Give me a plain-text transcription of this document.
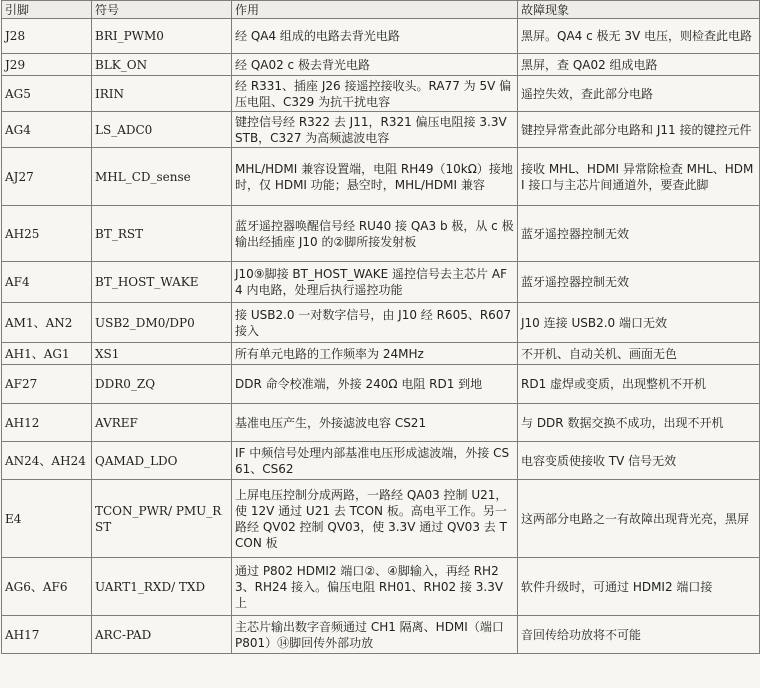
引脚	符号	作用	故障现象
J28	BRI_PWM0	经 QA4 组成的电路去背光电路	黑屏。QA4 c 极无 3V 电压，则检查此电路
J29	BLK_ON	经 QA02 c 极去背光电路	黑屏，查 QA02 组成电路
AG5	IRIN	经 R331、插座 J26 接遥控接收头。RA77 为 5V 偏压电阻、C329 为抗干扰电容	遥控失效，查此部分电路
AG4	LS_ADC0	键控信号经 R322 去 J11，R321 偏压电阻接 3.3VSTB，C327 为高频滤波电容	键控异常查此部分电路和 J11 接的键控元件
AJ27	MHL_CD_sense	MHL/HDMI 兼容设置端，电阻 RH49（10kΩ）接地时，仅 HDMI 功能；悬空时，MHL/HDMI 兼容	接收 MHL、HDMI 异常除检查 MHL、HDMI 接口与主芯片间通道外，要查此脚
AH25	BT_RST	蓝牙遥控器唤醒信号经 RU40 接 QA3 b 极，从 c 极输出经插座 J10 的②脚所接发射板	蓝牙遥控器控制无效
AF4	BT_HOST_WAKE	J10⑨脚接 BT_HOST_WAKE 遥控信号去主芯片 AF4 内电路，处理后执行遥控功能	蓝牙遥控器控制无效
AM1、AN2	USB2_DM0/DP0	接 USB2.0 一对数字信号，由 J10 经 R605、R607 接入	J10 连接 USB2.0 端口无效
AH1、AG1	XS1	所有单元电路的工作频率为 24MHz	不开机、自动关机、画面无色
AF27	DDR0_ZQ	DDR 命令校准端，外接 240Ω 电阻 RD1 到地	RD1 虚焊或变质，出现整机不开机
AH12	AVREF	基准电压产生，外接滤波电容 CS21	与 DDR 数据交换不成功，出现不开机
AN24、AH24	QAMAD_LDO	IF 中频信号处理内部基准电压形成滤波端，外接 CS61、CS62	电容变质使接收 TV 信号无效
E4	TCON_PWR/ PMU_RST	上屏电压控制分成两路，一路经 QA03 控制 U21，使 12V 通过 U21 去 TCON 板。高电平工作。另一路经 QV02 控制 QV03，使 3.3V 通过 QV03 去 TCON 板	这两部分电路之一有故障出现背光亮，黑屏
AG6、AF6	UART1_RXD/ TXD	通过 P802 HDMI2 端口②、④脚输入，再经 RH23、RH24 接入。偏压电阻 RH01、RH02 接 3.3V 上	软件升级时，可通过 HDMI2 端口接
AH17	ARC-PAD	主芯片输出数字音频通过 CH1 隔离、HDMI（端口 P801）⑭脚回传外部功放	音回传给功放将不可能
